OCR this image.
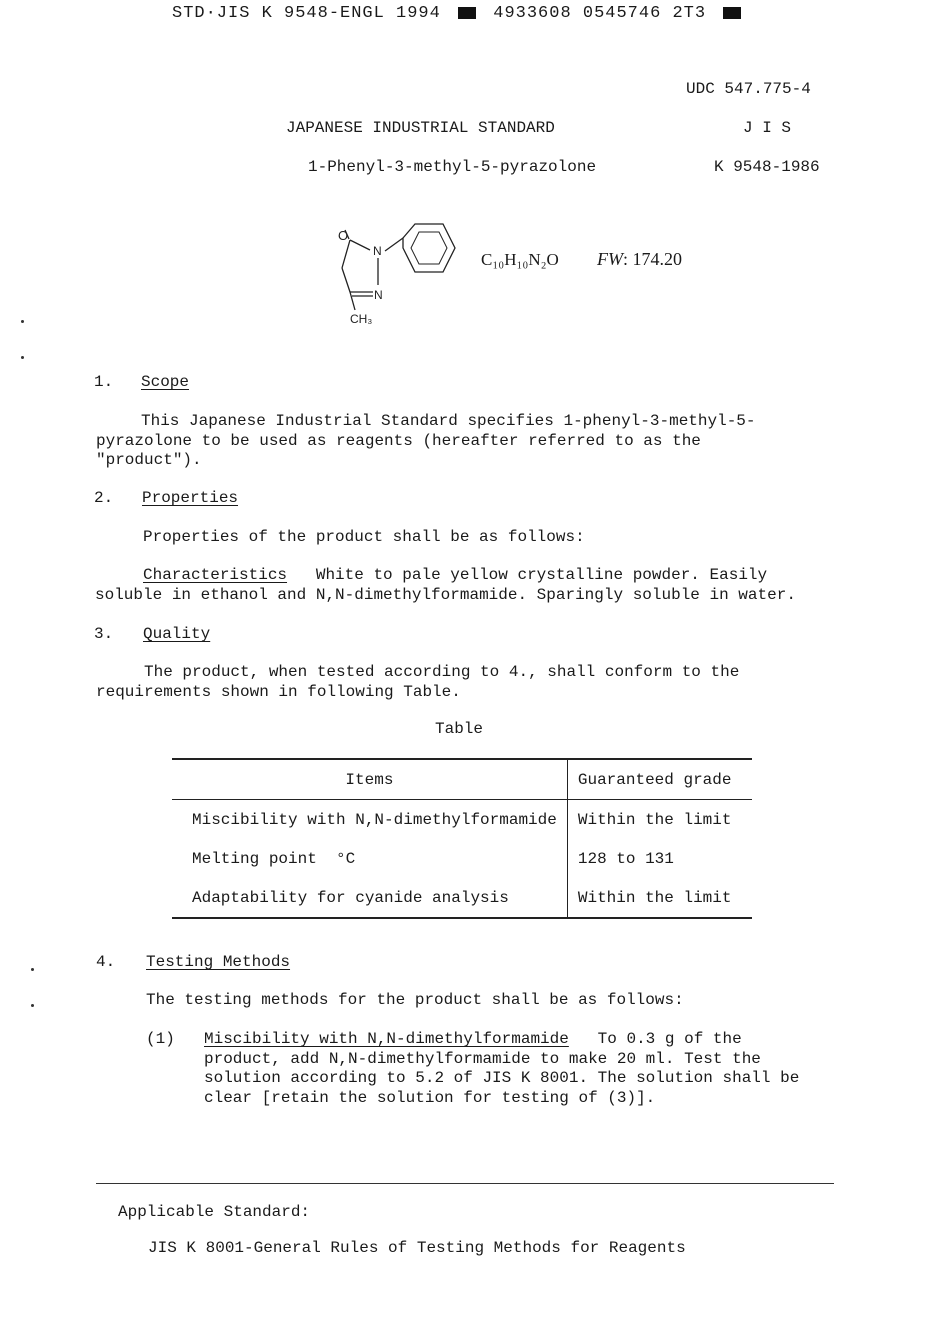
STD·JIS K 9548-ENGL 1994	4933608 0545746 2T3
UDC 547.775-4
JAPANESE INDUSTRIAL STANDARD	J I S
1-Phenyl-3-methyl-5-pyrazolone	K 9548-1986
O
N
N
CH₃
C₁₀H₁₀N₂O FW: 174.20
1. Scope
This Japanese Industrial Standard specifies 1-phenyl-3-methyl-5-pyrazolone to be used as reagents (hereafter referred to as the "product").
2. Properties
Properties of the product shall be as follows:
Characteristics White to pale yellow crystalline powder. Easily soluble in ethanol and N,N-dimethylformamide. Sparingly soluble in water.
3. Quality
The product, when tested according to 4., shall conform to the requirements shown in following Table.
Table
Items	Guaranteed grade
Miscibility with N,N-dimethylformamide	Within the limit
Melting point  °C	128 to 131
Adaptability for cyanide analysis	Within the limit
4. Testing Methods
The testing methods for the product shall be as follows:
(1) Miscibility with N,N-dimethylformamide To 0.3 g of the product, add N,N-dimethylformamide to make 20 ml. Test the solution according to 5.2 of JIS K 8001. The solution shall be clear [retain the solution for testing of (3)].
Applicable Standard:
JIS K 8001-General Rules of Testing Methods for Reagents
